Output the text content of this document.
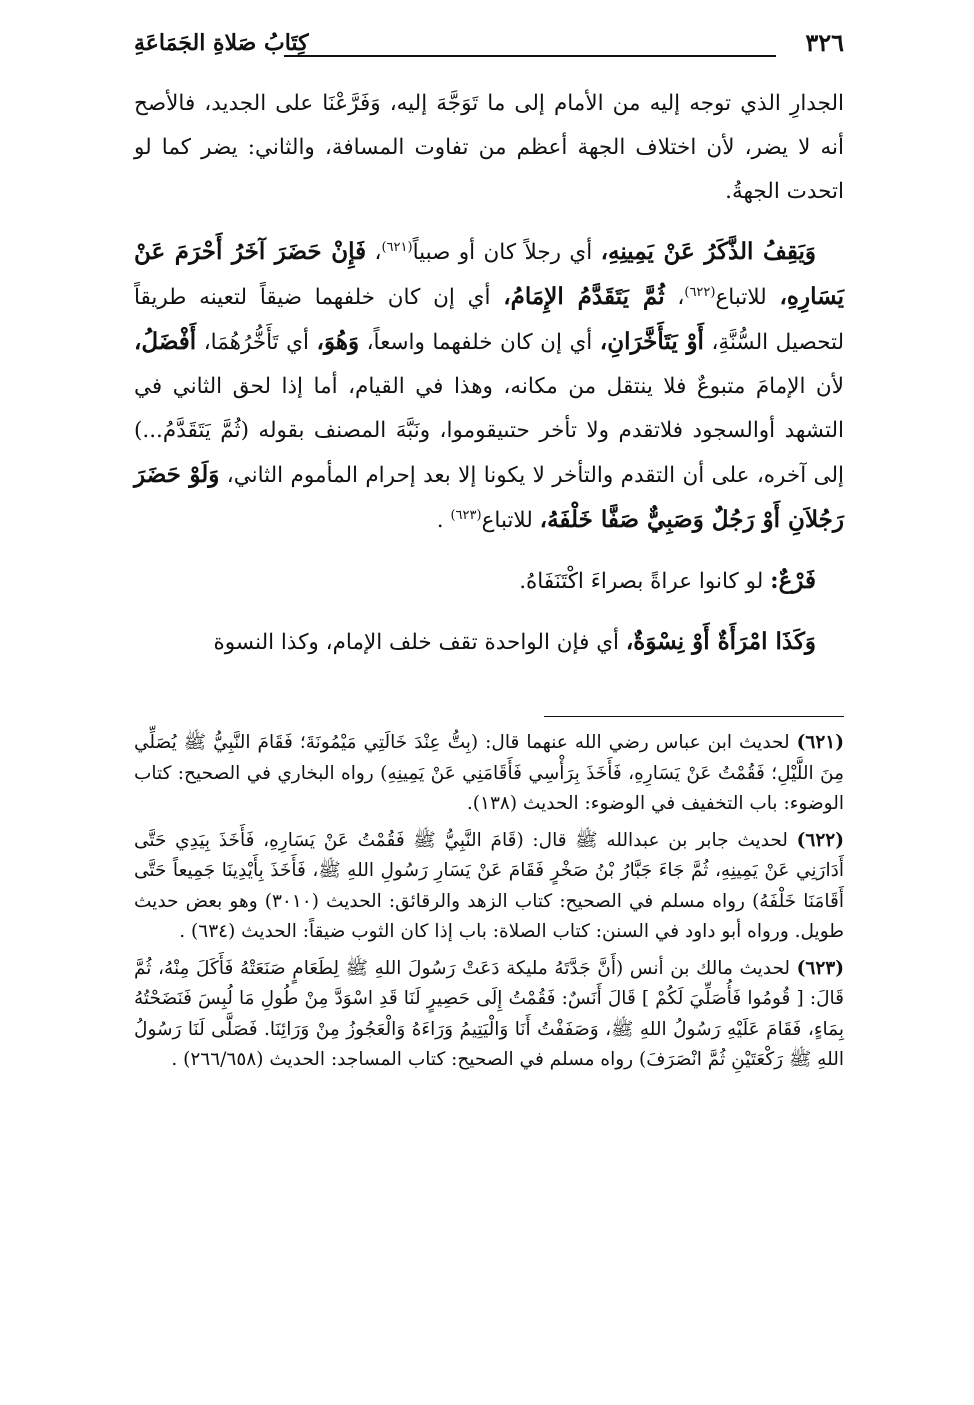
٣٢٦
كِتَابُ صَلاةِ الجَمَاعَةِ

الجدارِ الذي توجه إليه من الأمام إلى ما تَوَجَّهَ إليه، وَفَرَّعْنَا على الجديد، فالأصح أنه لا يضر، لأن اختلاف الجهة أعظم من تفاوت المسافة، والثاني: يضر كما لو اتحدت الجهةُ.

وَيَقِفُ الذَّكَرُ عَنْ يَمِينِهِ، أي رجلاً كان أو صبياً$^{(٦٢١)}$، فَإِنْ حَضَرَ آخَرُ أَحْرَمَ عَنْ يَسَارِهِ، للاتباع$^{(٦٢٢)}$، ثُمَّ يَتَقَدَّمُ الإِمَامُ، أي إن كان خلفهما ضيقاً لتعينه طريقاً لتحصيل السُّنَّةِ، أَوْ يَتَأَخَّرَانِ، أي إن كان خلفهما واسعاً، وَهُوَ، أي تَأَخُّرُهُمَا، أَفْضَلُ، لأن الإمامَ متبوعٌ فلا ينتقل من مكانه، وهذا في القيام، أما إذا لحق الثاني في التشهد أوالسجود فلاتقدم ولا تأخر حتىيقوموا، ونَبَّهَ المصنف بقوله (ثُمَّ يَتَقَدَّمُ...) إلى آخره، على أن التقدم والتأخر لا يكونا إلا بعد إحرام المأموم الثاني، وَلَوْ حَضَرَ رَجُلاَنِ أَوْ رَجُلٌ وَصَبِيٌّ صَفَّا خَلْفَهُ، للاتباع$^{(٦٢٣)}$ .

فَرْعٌ: لو كانوا عراةً بصراءَ اكْتَنَفَاهُ.

وَكَذَا امْرَأَةٌ أَوْ نِسْوَةٌ، أي فإن الواحدة تقف خلف الإمام، وكذا النسوة

(٦٢١) لحديث ابن عباس رضي الله عنهما قال: (بِتُّ عِنْدَ خَالَتِي مَيْمُونَةَ؛ فَقَامَ النَّبِيُّ ﷺ يُصَلِّي مِنَ اللَّيْلِ؛ فَقُمْتُ عَنْ يَسَارِهِ، فَأَخَذَ بِرَأْسِي فَأَقَامَنِي عَنْ يَمِينِهِ) رواه البخاري في الصحيح: كتاب الوضوء: باب التخفيف في الوضوء: الحديث (١٣٨).

(٦٢٢) لحديث جابر بن عبدالله ﷺ قال: (قَامَ النَّبِيُّ ﷺ فَقُمْتُ عَنْ يَسَارِهِ، فَأَخَذَ بِيَدِي حَتَّى أَدَارَنِي عَنْ يَمِينِهِ، ثُمَّ جَاءَ جَبَّارُ بْنُ صَخْرٍ فَقَامَ عَنْ يَسَارِ رَسُولِ اللهِ ﷺ، فَأَخَذَ بِأَيْدِينَا جَمِيعاً حَتَّى أَقَامَنَا خَلْفَهُ) رواه مسلم في الصحيح: كتاب الزهد والرقائق: الحديث (٣٠١٠) وهو بعض حديث طويل. ورواه أبو داود في السنن: كتاب الصلاة: باب إذا كان الثوب ضيقاً: الحديث (٦٣٤) .

(٦٢٣) لحديث مالك بن أنس (أَنَّ جَدَّتَهُ مليكة دَعَتْ رَسُولَ اللهِ ﷺ لِطَعَامٍ صَنَعَتْهُ فَأَكَلَ مِنْهُ، ثُمَّ قَالَ: [ قُومُوا فَأُصَلِّيَ لَكُمْ ] قَالَ أَنَسٌ: فَقُمْتُ إِلَى حَصِيرٍ لَنَا قَدِ اسْوَدَّ مِنْ طُولِ مَا لُبِسَ فَنَضَحْتُهُ بِمَاءٍ، فَقَامَ عَلَيْهِ رَسُولُ اللهِ ﷺ، وَصَفَفْتُ أَنَا وَالْيَتِيمُ وَرَاءَهُ وَالْعَجُوزُ مِنْ وَرَائِنَا. فَصَلَّى لَنَا رَسُولُ اللهِ ﷺ رَكْعَتَيْنِ ثُمَّ انْصَرَفَ) رواه مسلم في الصحيح: كتاب المساجد: الحديث (٢٦٦/٦٥٨) .
